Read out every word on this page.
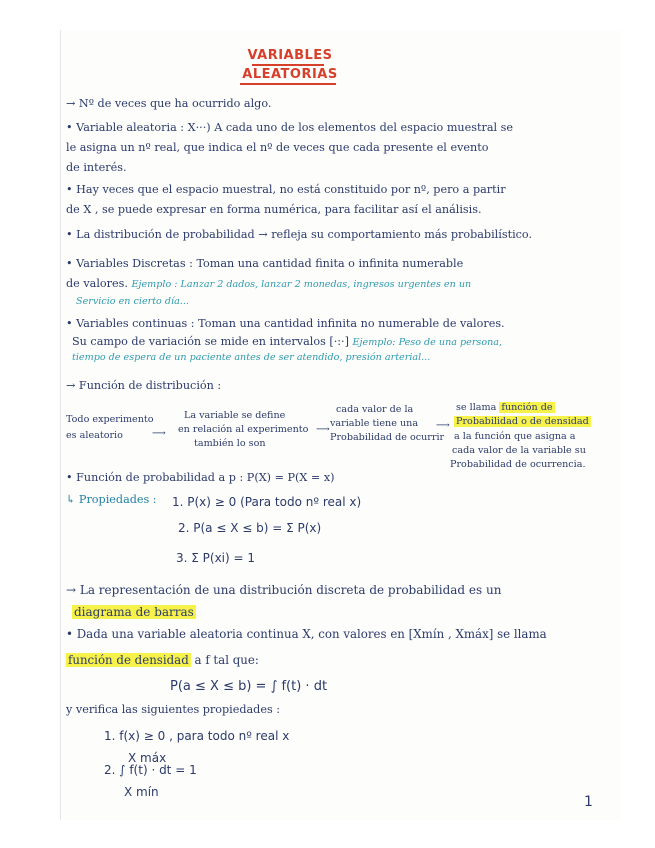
VARIABLES
ALEATORIAS
→ Nº de veces que ha ocurrido algo.
• Variable aleatoria : X···) A cada uno de los elementos del espacio muestral se
le asigna un nº real, que indica el nº de veces que cada presente el evento
de interés.
• Hay veces que el espacio muestral, no está constituido por nº, pero a partir
de X , se puede expresar en forma numérica, para facilitar así el análisis.
• La distribución de probabilidad → refleja su comportamiento más probabilístico.
• Variables Discretas : Toman una cantidad finita o infinita numerable
de valores. Ejemplo : Lanzar 2 dados, lanzar 2 monedas, ingresos urgentes en un
Servicio en cierto día...
• Variables continuas : Toman una cantidad infinita no numerable de valores.
Su campo de variación se mide en intervalos [·:·] Ejemplo: Peso de una persona,
tiempo de espera de un paciente antes de ser atendido, presión arterial...
→ Función de distribución :
Todo experimento
es aleatorio	⟶
La variable se define
en relación al experimento
también lo son
⟶
cada valor de la
variable tiene una
Probabilidad de ocurrir
⟶
se llama función de
Probabilidad o de densidad
a la función que asigna a
cada valor de la variable su
Probabilidad de ocurrencia.
• Función de probabilidad a p : P(X) = P(X = x)
↳ Propiedades : 1. P(x) ≥ 0 (Para todo nº real x)
2. P(a ≤ X ≤ b) = Σ P(x)
3. Σ P(xi) = 1
→ La representación de una distribución discreta de probabilidad es un
diagrama de barras
• Dada una variable aleatoria continua X, con valores en [Xmín , Xmáx] se llama
función de densidad a f tal que:
P(a ≤ X ≤ b) = ∫ f(t) · dt
y verifica las siguientes propiedades :
1. f(x) ≥ 0 , para todo nº real x
X máx
2. ∫ f(t) · dt = 1
X mín
1
